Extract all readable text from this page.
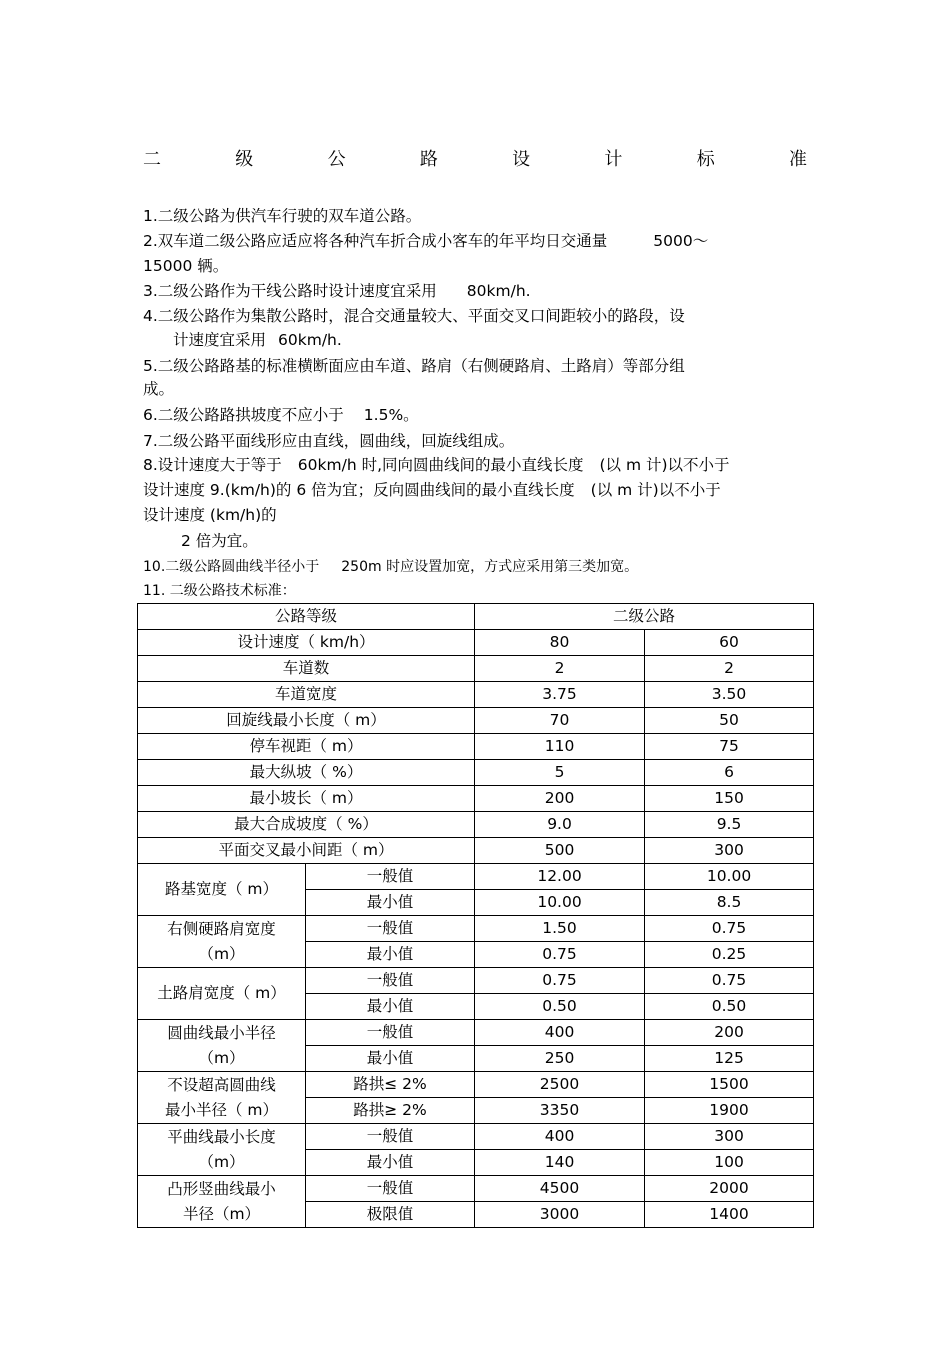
二	级	公	路	设	计	标	准
1.二级公路为供汽车行驶的双车道公路。
2.双车道二级公路应适应将各种汽车折合成小客车的年平均日交通量	5000～
15000 辆。
3.二级公路作为干线公路时设计速度宜采用 80km/h.
4.二级公路作为集散公路时，混合交通量较大、平面交叉口间距较小的路段，设
计速度宜采用 60km/h.
5.二级公路路基的标准横断面应由车道、路肩（右侧硬路肩、土路肩）等部分组
成。
6.二级公路路拱坡度不应小于 1.5%。
7.二级公路平面线形应由直线，圆曲线，回旋线组成。
8.设计速度大于等于 60km/h 时,同向圆曲线间的最小直线长度 (以 m 计)以不小于
设计速度 9.(km/h)的 6 倍为宜；反向圆曲线间的最小直线长度 (以 m 计)以不小于
设计速度 (km/h)的
2 倍为宜。
10.二级公路圆曲线半径小于 250m 时应设置加宽，方式应采用第三类加宽。
11. 二级公路技术标准：
公路等级		二级公路	
设计速度（ km/h）		80	60
车道数		2	2
车道宽度		3.75	3.50
回旋线最小长度（ m）		70	50
停车视距（ m）		110	75
最大纵坡（ %）		5	6
最小坡长（ m）		200	150
最大合成坡度（ %）		9.0	9.5
平面交叉最小间距（ m）		500	300

路基宽度（ m）	一般值	12.00	10.00
	最小值	10.00	8.5

右侧硬路肩宽度
（m）	一般值	1.50	0.75
	最小值	0.75	0.25

土路肩宽度（ m）	一般值	0.75	0.75
	最小值	0.50	0.50

圆曲线最小半径
（m）	一般值	400	200
	最小值	250	125

不设超高圆曲线
最小半径（ m）	路拱≤ 2%	2500	1500
	路拱≥ 2%	3350	1900

平曲线最小长度
（m）	一般值	400	300
	最小值	140	100

凸形竖曲线最小
半径（m）	一般值	4500	2000
	极限值	3000	1400
